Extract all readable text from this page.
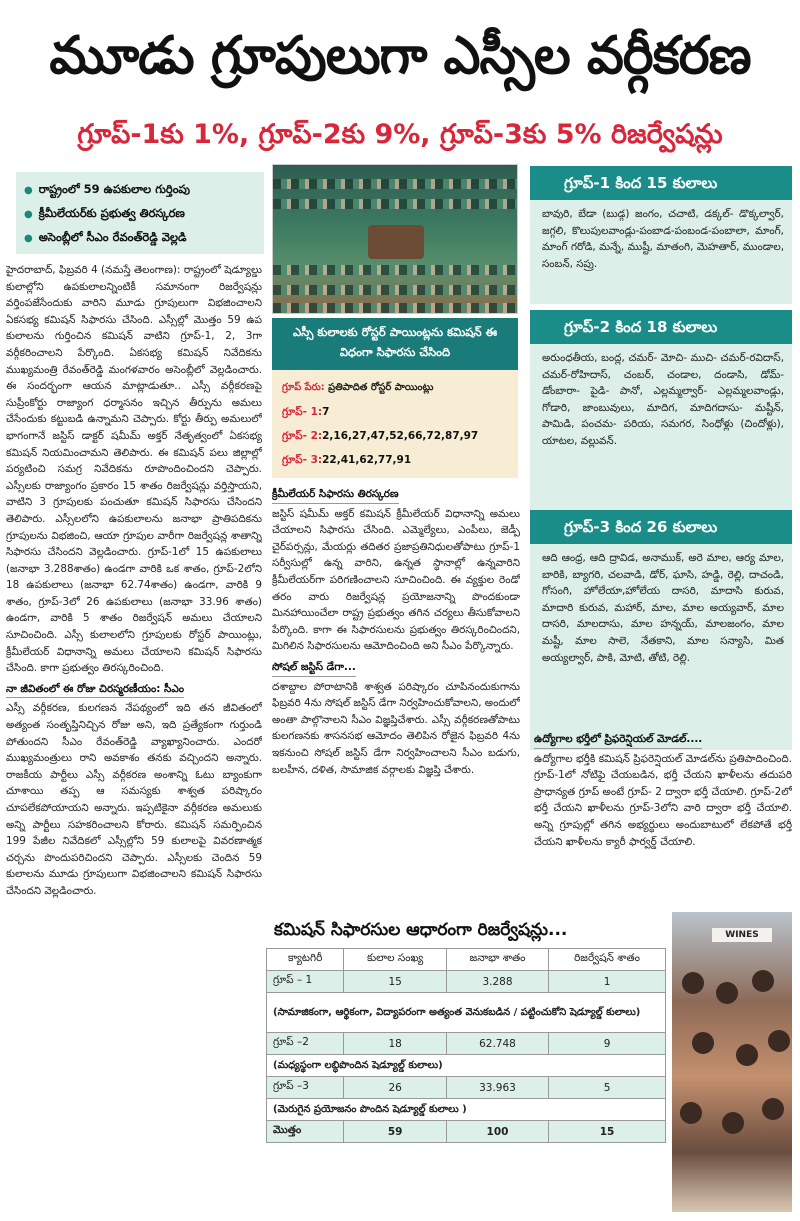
మూడు గ్రూపులుగా ఎస్సీల వర్గీకరణ
గ్రూప్‌-1కు 1%, గ్రూప్‌-2కు 9%, గ్రూప్‌-3కు 5% రిజర్వేషన్లు
● రాష్ట్రంలో 59 ఉపకులాల గుర్తింపు
● క్రీమీలేయర్‌కు ప్రభుత్వ తిరస్కరణ
● అసెంబ్లీలో సీఎం రేవంత్‌రెడ్డి వెల్లడి

హైదరాబాద్‌, ఫిబ్రవరి 4 (నమస్తే తెలంగాణ): రాష్ట్రంలో షెడ్యూల్డు కులాల్లోని ఉపకులాలన్నింటికీ సమానంగా రిజర్వేషన్లు వర్తింపజేసేందుకు వారిని మూడు గ్రూపులుగా విభజించాలని ఏకసభ్య కమిషన్‌ సిఫారసు చేసింది. ఎస్సీల్లో మొత్తం 59 ఉప కులాలను గుర్తించిన కమిషన్‌ వాటిని గ్రూప్‌-1, 2, 3గా వర్గీకరించాలని పేర్కొంది. ఏకసభ్య కమిషన్‌ నివేదికను ముఖ్యమంత్రి రేవంత్‌రెడ్డి మంగళవారం అసెంబ్లీలో వెల్లడించారు. ఈ సందర్భంగా ఆయన మాట్లాడుతూ.. ఎస్సీ వర్గీకరణపై సుప్రీంకోర్టు రాజ్యాంగ ధర్మాసనం ఇచ్చిన తీర్పును అమలు చేసేందుకు కట్టుబడి ఉన్నామని చెప్పారు. కోర్టు తీర్పు అమలులో భాగంగానే జస్టిస్‌ డాక్టర్‌ షమీమ్‌ అక్తర్‌ నేతృత్వంలో ఏకసభ్య కమిషన్‌ నియమించామని తెలిపారు. ఈ కమిషన్‌ పలు జిల్లాల్లో పర్యటించి సమగ్ర నివేదికను రూపొందించిందని చెప్పారు. ఎస్సీలకు రాజ్యాంగం ప్రకారం 15 శాతం రిజర్వేషన్లు వర్తిస్తాయని, వాటిని 3 గ్రూపులకు పంచుతూ కమిషన్‌ సిఫారసు చేసిందని తెలిపారు. ఎస్సీలలోని ఉపకులాలను జనాభా ప్రాతిపదికను గ్రూపులను విభజించి, ఆయా గ్రూపుల వారీగా రిజర్వేషన్ల శాతాన్ని సిఫారసు చేసిందని వెల్లడించారు. గ్రూప్‌-1లో 15 ఉపకులాలు (జనాభా 3.288శాతం) ఉండగా వారికి ఒక శాతం, గ్రూప్‌-2లోని 18 ఉపకులాలు (జనాభా 62.74శాతం) ఉండగా, వారికి 9 శాతం, గ్రూప్‌-3లో 26 ఉపకులాలు (జనాభా 33.96 శాతం) ఉండగా, వారికి 5 శాతం రిజర్వేషన్‌ అమలు చేయాలని సూచించింది. ఎస్సీ కులాలలోని గ్రూపులకు రోస్టర్‌ పాయింట్లు, క్రీమీలేయర్‌ విధానాన్ని అమలు చేయాలని కమిషన్‌ సిఫారసు చేసింది. కాగా ప్రభుత్వం తిరస్కరించింది.

నా జీవితంలో ఈ రోజు చిరస్మరణీయం: సీఎం

ఎస్సీ వర్గీకరణ, కులగణన నేపథ్యంలో ఇది తన జీవితంలో అత్యంత సంతృప్తినిచ్చిన రోజు అని, ఇది ప్రత్యేకంగా గుర్తుండి పోతుందని సీఎం రేవంత్‌రెడ్డి వ్యాఖ్యానించారు. ఎందరో ముఖ్యమంత్రులు రాని అవకాశం తనకు వచ్చిందని అన్నారు. రాజకీయ పార్టీలు ఎస్సీ వర్గీకరణ అంశాన్ని ఓటు బ్యాంకుగా చూశాయి తప్ప ఆ సమస్యకు శాశ్వత పరిష్కారం చూపలేకపోయాయని అన్నారు. ఇప్పటికైనా వర్గీకరణ అమలుకు అన్ని పార్టీలు సహకరించాలని కోరారు. కమిషన్‌ సమర్పించిన 199 పేజీల నివేదికలో ఎస్సీల్లోని 59 కులాలపై వివరణాత్మక చర్చను పొందుపరిచిందని చెప్పారు. ఎస్సీలకు చెందిన 59 కులాలను మూడు గ్రూపులుగా విభజించాలని కమిషన్‌ సిఫారసు చేసిందని వెల్లడించారు.

ఎస్సీ కులాలకు రోస్టర్‌ పాయింట్లను కమిషన్‌ ఈ విధంగా సిఫారసు చేసింది
గ్రూప్‌ పేరు: ప్రతిపాదిత రోస్టర్‌ పాయింట్లు
గ్రూప్‌- 1:7
గ్రూప్‌- 2:2,16,27,47,52,66,72,87,97
గ్రూప్‌- 3:22,41,62,77,91
క్రీమీలేయర్‌ సిఫారసు తిరస్కరణ

జస్టిస్‌ షమీమ్‌ అక్తర్‌ కమిషన్‌ క్రీమీలేయర్‌ విధానాన్ని అమలు చేయాలని సిఫారసు చేసింది. ఎమ్మెల్యేలు, ఎంపీలు, జెడ్పీ చైర్‌పర్సన్లు, మేయర్లు తదితర ప్రజాప్రతినిధులతోపాటు గ్రూప్‌-1 సర్వీసుల్లో ఉన్న వారిని, ఉన్నత స్థానాల్లో ఉన్నవారిని క్రీమీలేయర్‌గా పరిగణించాలని సూచించింది. ఈ వ్యక్తుల రెండో తరం వారు రిజర్వేషన్ల ప్రయోజనాన్ని పొందకుండా మినహాయించేలా రాష్ట్ర ప్రభుత్వం తగిన చర్యలు తీసుకోవాలని పేర్కొంది. కాగా ఈ సిఫారసులను ప్రభుత్వం తిరస్కరించిందని, మిగిలిన సిఫారసులను ఆమోదించింది అని సీఎం పేర్కొన్నారు.

సోషల్‌ జస్టిస్‌ డేగా...

దశాబ్దాల పోరాటానికి శాశ్వత పరిష్కారం చూపినందుకుగాను ఫిబ్రవరి 4ను సోషల్‌ జస్టిస్‌ డేగా నిర్వహించుకోవాలని, అందులో అంతా పాల్గొనాలని సీఎం విజ్ఞప్తిచేశారు. ఎస్సీ వర్గీకరణతోపాటు కులగణనకు శాసనసభ ఆమోదం తెలిపిన రోజైన ఫిబ్రవరి 4ను ఇకనుంచి సోషల్‌ జస్టిస్‌ డేగా నిర్వహించాలని సీఎం బడుగు, బలహీన, దళిత, సామాజిక వర్గాలకు విజ్ఞప్తి చేశారు.

గ్రూప్‌-1 కింద 15 కులాలు
బావురి, బేడా (బుడ్గ) జంగం, చచాటి, డక్కల్‌- డొక్కల్వార్‌, జగ్గలి, కొలుపులవాండ్లు-పంబాడ-పంబండ-పంబాలా, మాంగ్‌, మాంగ్‌ గరోడి, మన్నే, ముష్టీ, మాతంగి, మెహతార్‌, ముండాల, సంబన్‌, సప్రు.
గ్రూప్‌-2 కింద 18 కులాలు
అరుంధతీయ, బంద్ల, చమర్‌- మోచి- ముచి- చమర్‌-రవిదాస్‌, చమర్‌-రోహిదాస్‌, చంబర్‌, చండాల, దండాసి, డోమ్‌- డోంబారా- పైడి- పానో, ఎల్లమ్మల్వార్‌- ఎల్లమ్మలవాండ్లు, గోడారి, జాంబువులు, మాదిగ, మాదిగదాసు- మష్టీన్‌, పామిడి, పంచమ- పరియ, సమగర, సింధోళ్లు (చిందోళ్లు), యాటల, వల్లువన్‌.
గ్రూప్‌-3 కింద 26 కులాలు
ఆది ఆంధ్ర, ఆది ద్రావిడ, అనాముక్‌, అరె మాల, ఆర్య మాల, బారికి, బ్యాగరి, చలవాడి, డోర్‌, ఘాసి, హడ్డి, రెల్లి, దాచండి, గోసంగి, హోలేయా,హోలేయ దాసరి, మాదాసి కురువ, మాదారి కురువ, మహార్‌, మాల, మాల అయ్యవార్‌, మాల దాసరి, మాలదాసు, మాల హన్నయ్‌, మాలజంగం, మాల మష్టీ, మాల సాలె, నేతకాని, మాల సన్యాసి, మిత అయ్యల్వార్‌, పాకి, మోటి, తోటి, రెల్లి.
ఉద్యోగాల భర్తీలో ప్రిఫరెన్షియల్‌ మోడల్‌....

ఉద్యోగాల భర్తీకి కమిషన్‌ ప్రిఫరెన్షియల్‌ మోడల్‌ను ప్రతిపాదించింది. గ్రూప్‌-1లో నోటిఫై చేయబడిన, భర్తీ చేయని ఖాళీలను తదుపరి ప్రాధాన్యత గ్రూప్‌ అంటే గ్రూప్‌- 2 ద్వారా భర్తీ చేయాలి. గ్రూప్‌-2లో భర్తీ చేయని ఖాళీలను గ్రూప్‌-3లోని వారి ద్వారా భర్తీ చేయాలి. అన్ని గ్రూపుల్లో తగిన అభ్యర్థులు అందుబాటులో లేకపోతే భర్తీ చేయని ఖాళీలను క్యారీ ఫార్వర్డ్‌ చేయాలి.

కమిషన్‌ సిఫారసుల ఆధారంగా రిజర్వేషన్లు...
క్యాటగిరీ	కులాల సంఖ్య	జనాభా శాతం	రిజర్వేషన్‌ శాతం
గ్రూప్‌ – 1	15	3.288	1
(సామాజికంగా, ఆర్థికంగా, విద్యాపరంగా అత్యంత వెనుకబడిన / పట్టించుకోని షెడ్యూల్డ్‌ కులాలు)			
గ్రూప్‌ –2	18	62.748	9
(మధ్యస్థంగా లబ్ధిపొందిన షెడ్యూల్డ్‌ కులాలు)			
గ్రూప్‌ –3	26	33.963	5
(మెరుగైన ప్రయోజనం పొందిన షెడ్యూల్డ్‌ కులాలు )			
మొత్తం	59	100	15
WINES
